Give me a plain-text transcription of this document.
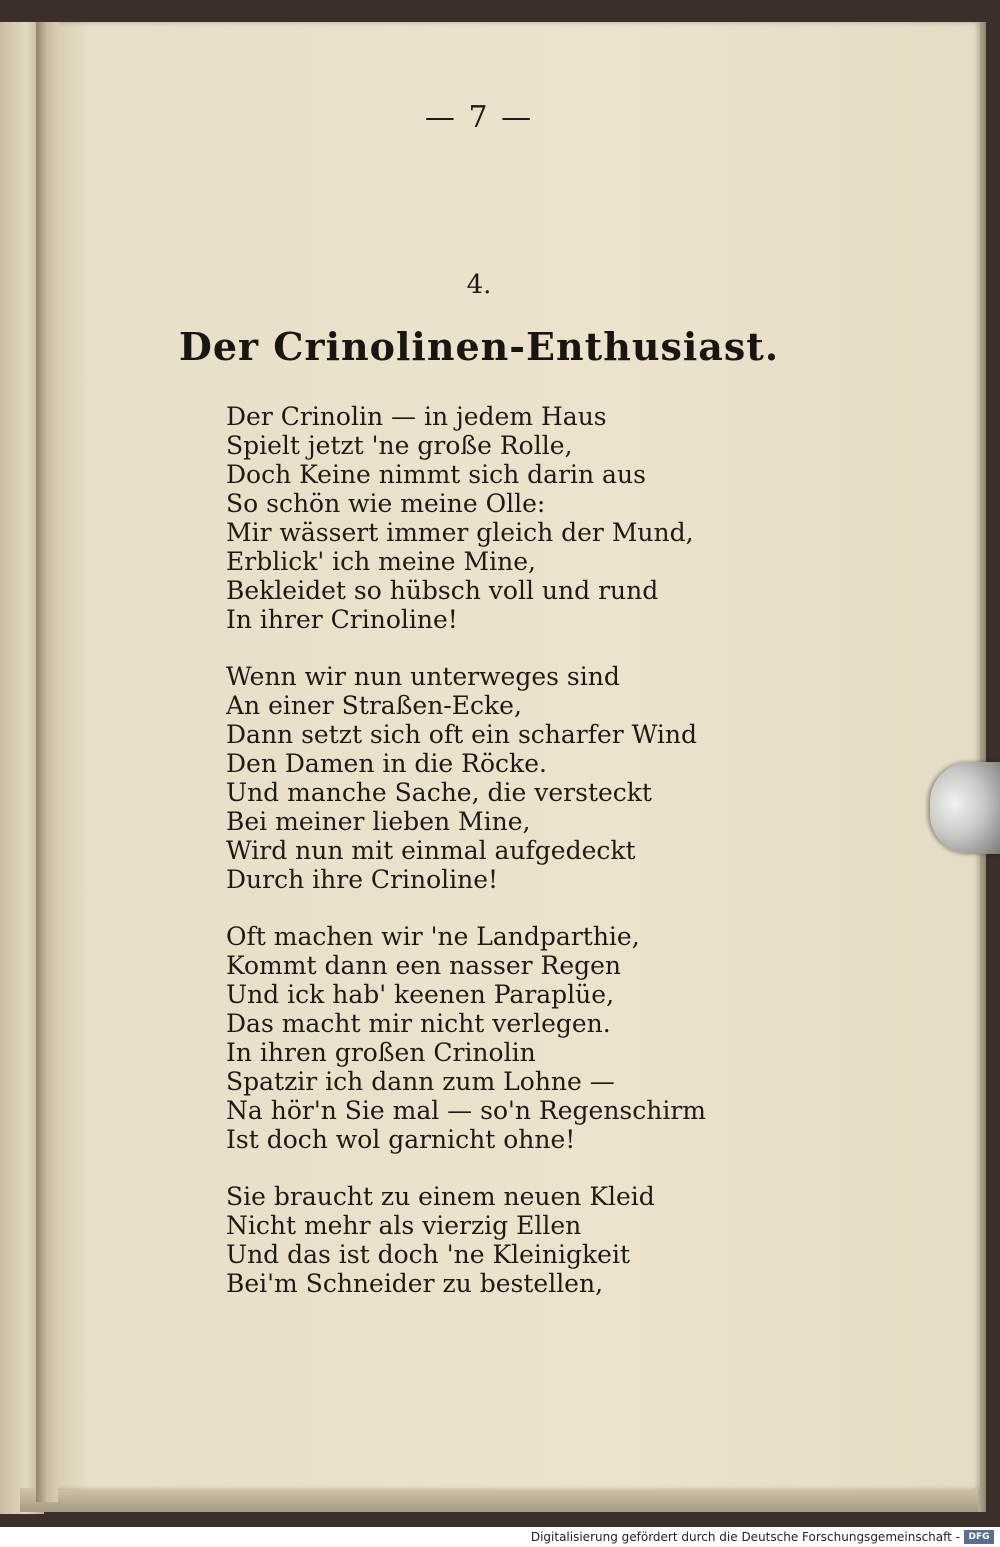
— 7 —
4.
Der Crinolinen-Enthusiast.
Der Crinolin — in jedem Haus
Spielt jetzt 'ne große Rolle,
Doch Keine nimmt sich darin aus
So schön wie meine Olle:
Mir wässert immer gleich der Mund,
Erblick' ich meine Mine,
Bekleidet so hübsch voll und rund
In ihrer Crinoline!
Wenn wir nun unterweges sind
An einer Straßen-Ecke,
Dann setzt sich oft ein scharfer Wind
Den Damen in die Röcke.
Und manche Sache, die versteckt
Bei meiner lieben Mine,
Wird nun mit einmal aufgedeckt
Durch ihre Crinoline!
Oft machen wir 'ne Landparthie,
Kommt dann een nasser Regen
Und ick hab' keenen Paraplüe,
Das macht mir nicht verlegen.
In ihren großen Crinolin
Spatzir ich dann zum Lohne —
Na hör'n Sie mal — so'n Regenschirm
Ist doch wol garnicht ohne!
Sie braucht zu einem neuen Kleid
Nicht mehr als vierzig Ellen
Und das ist doch 'ne Kleinigkeit
Bei'm Schneider zu bestellen,
Digitalisierung gefördert durch die Deutsche Forschungsgemeinschaft - DFG
